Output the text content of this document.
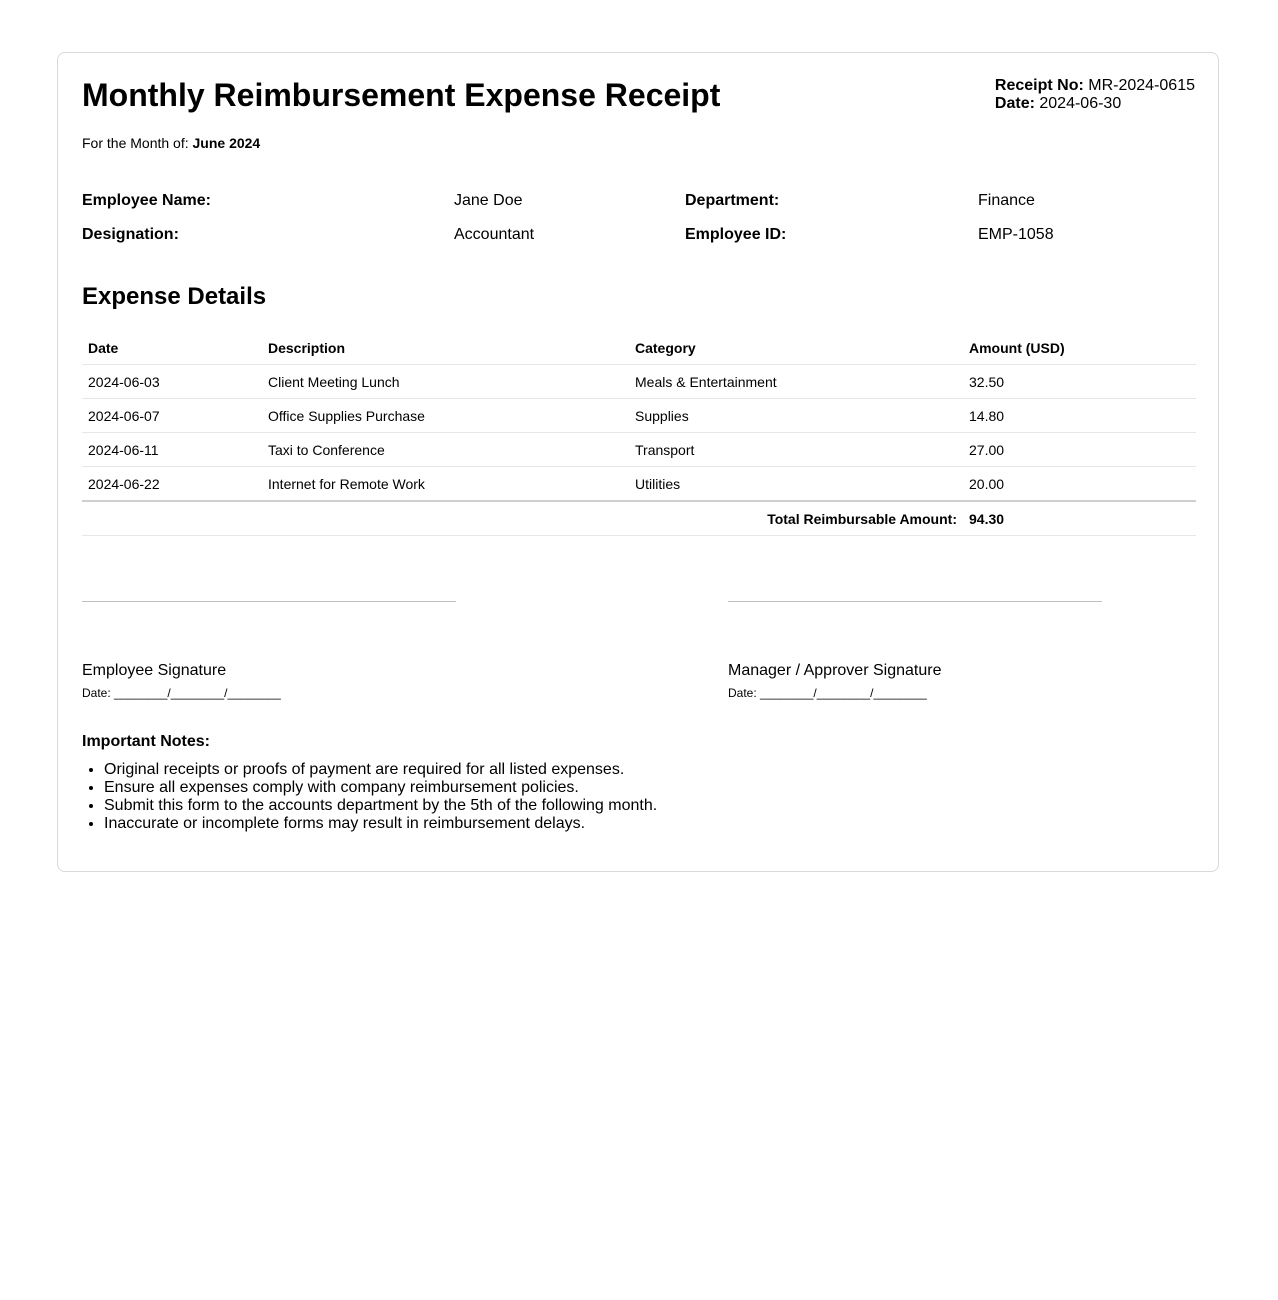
Monthly Reimbursement Expense Receipt	Receipt No: MR-2024-0615
Date: 2024-06-30
For the Month of: June 2024
Employee Name:	Jane Doe	Department:	Finance
Designation:	Accountant	Employee ID:	EMP-1058
Expense Details
Date	Description	Category	Amount (USD)
2024-06-03	Client Meeting Lunch	Meals & Entertainment	32.50
2024-06-07	Office Supplies Purchase	Supplies	14.80
2024-06-11	Taxi to Conference	Transport	27.00
2024-06-22	Internet for Remote Work	Utilities	20.00
Total Reimbursable Amount:			94.30
Employee Signature
Date: ________/________/________
Manager / Approver Signature
Date: ________/________/________
Important Notes:
• Original receipts or proofs of payment are required for all listed expenses.
• Ensure all expenses comply with company reimbursement policies.
• Submit this form to the accounts department by the 5th of the following month.
• Inaccurate or incomplete forms may result in reimbursement delays.
